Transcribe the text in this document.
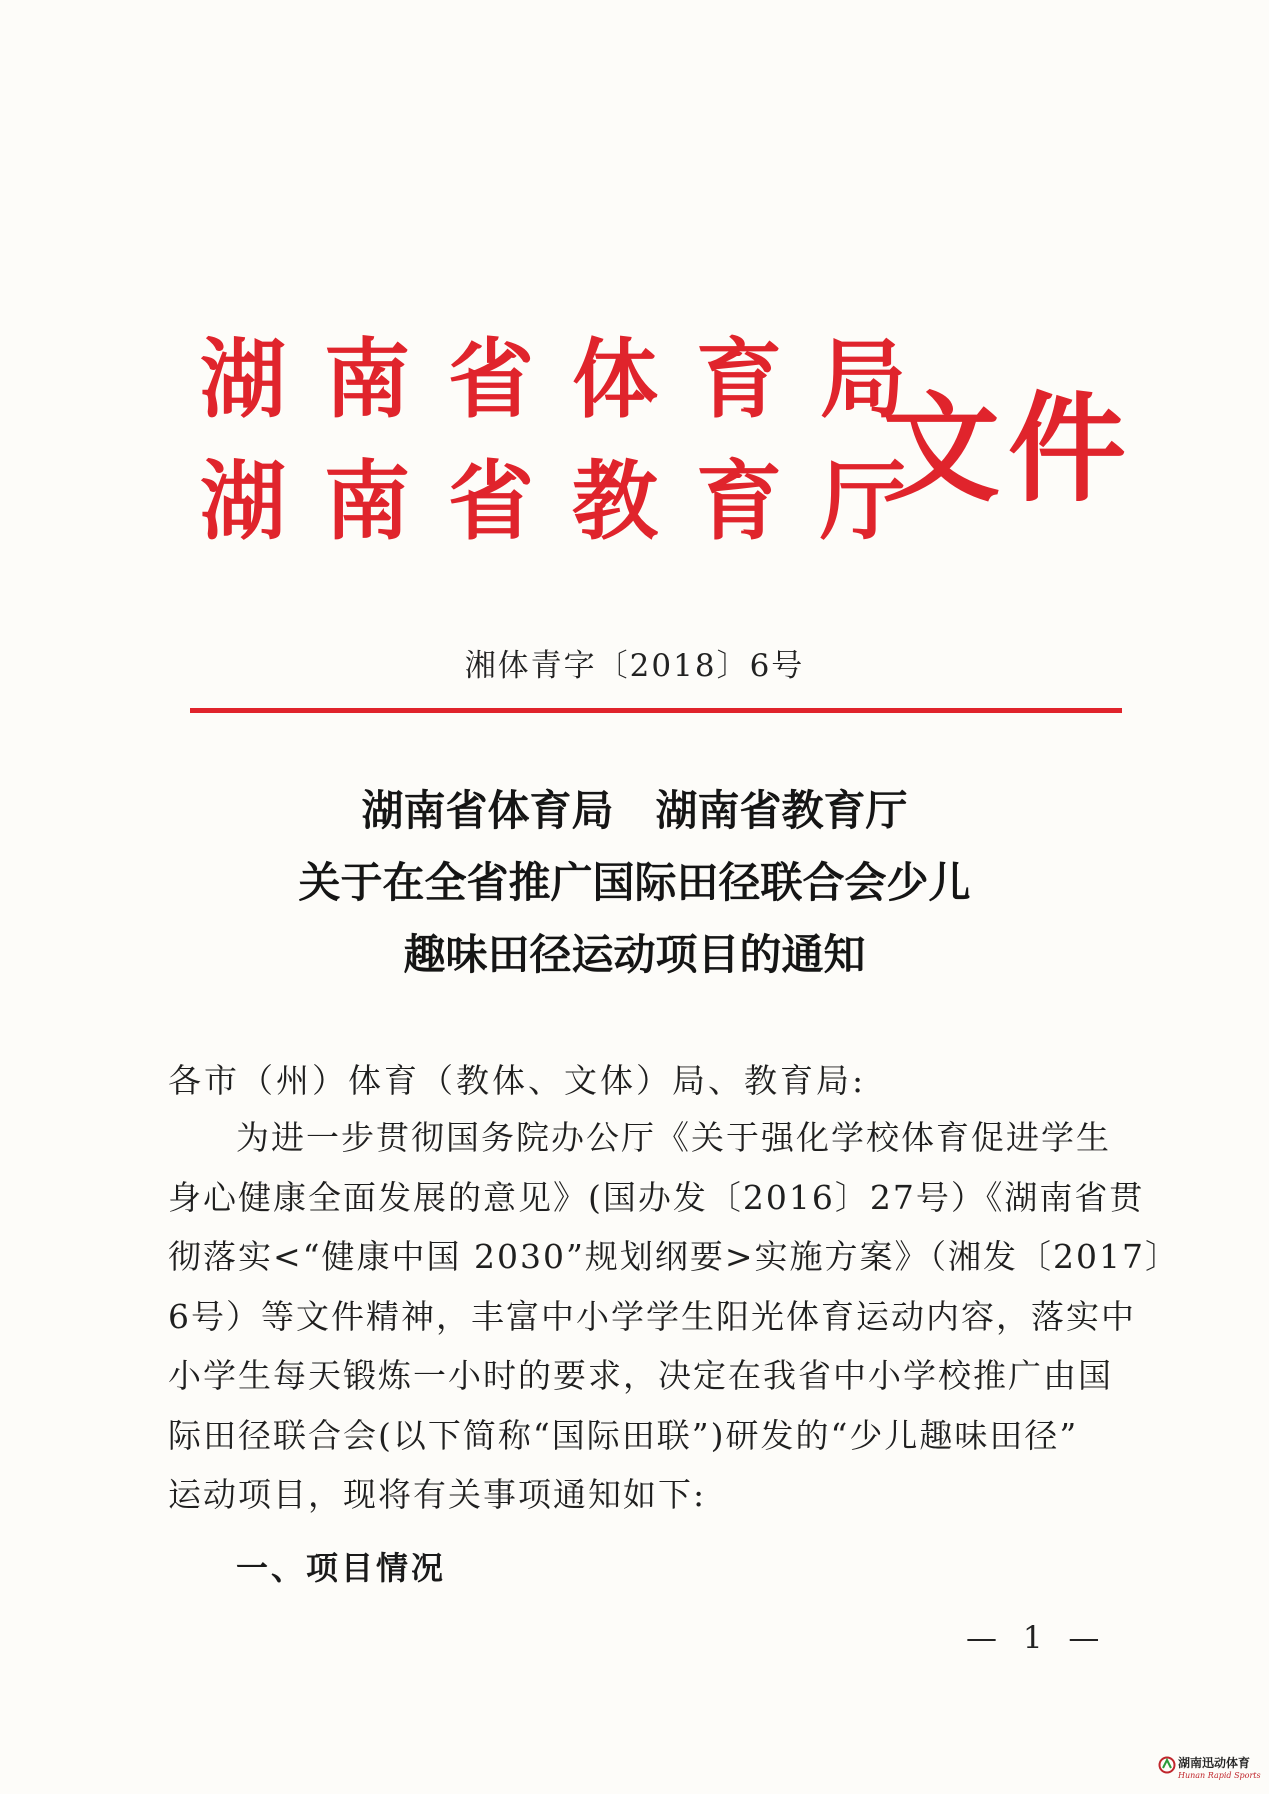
湖南省体育局
湖南省教育厅
文件
湘体青字〔2018〕6号
湖南省体育局　湖南省教育厅
关于在全省推广国际田径联合会少儿
趣味田径运动项目的通知
各市（州）体育（教体、文体）局、教育局:
为进一步贯彻国务院办公厅《关于强化学校体育促进学生
身心健康全面发展的意见》(国办发〔2016〕27号）《湖南省贯
彻落实<“健康中国 2030”规划纲要>实施方案》（湘发〔2017〕
6号）等文件精神，丰富中小学学生阳光体育运动内容，落实中
小学生每天锻炼一小时的要求，决定在我省中小学校推广由国
际田径联合会(以下简称“国际田联”)研发的“少儿趣味田径”
运动项目，现将有关事项通知如下:
一、项目情况
— 1 —
湖南迅动体育
Hunan Rapid Sports
